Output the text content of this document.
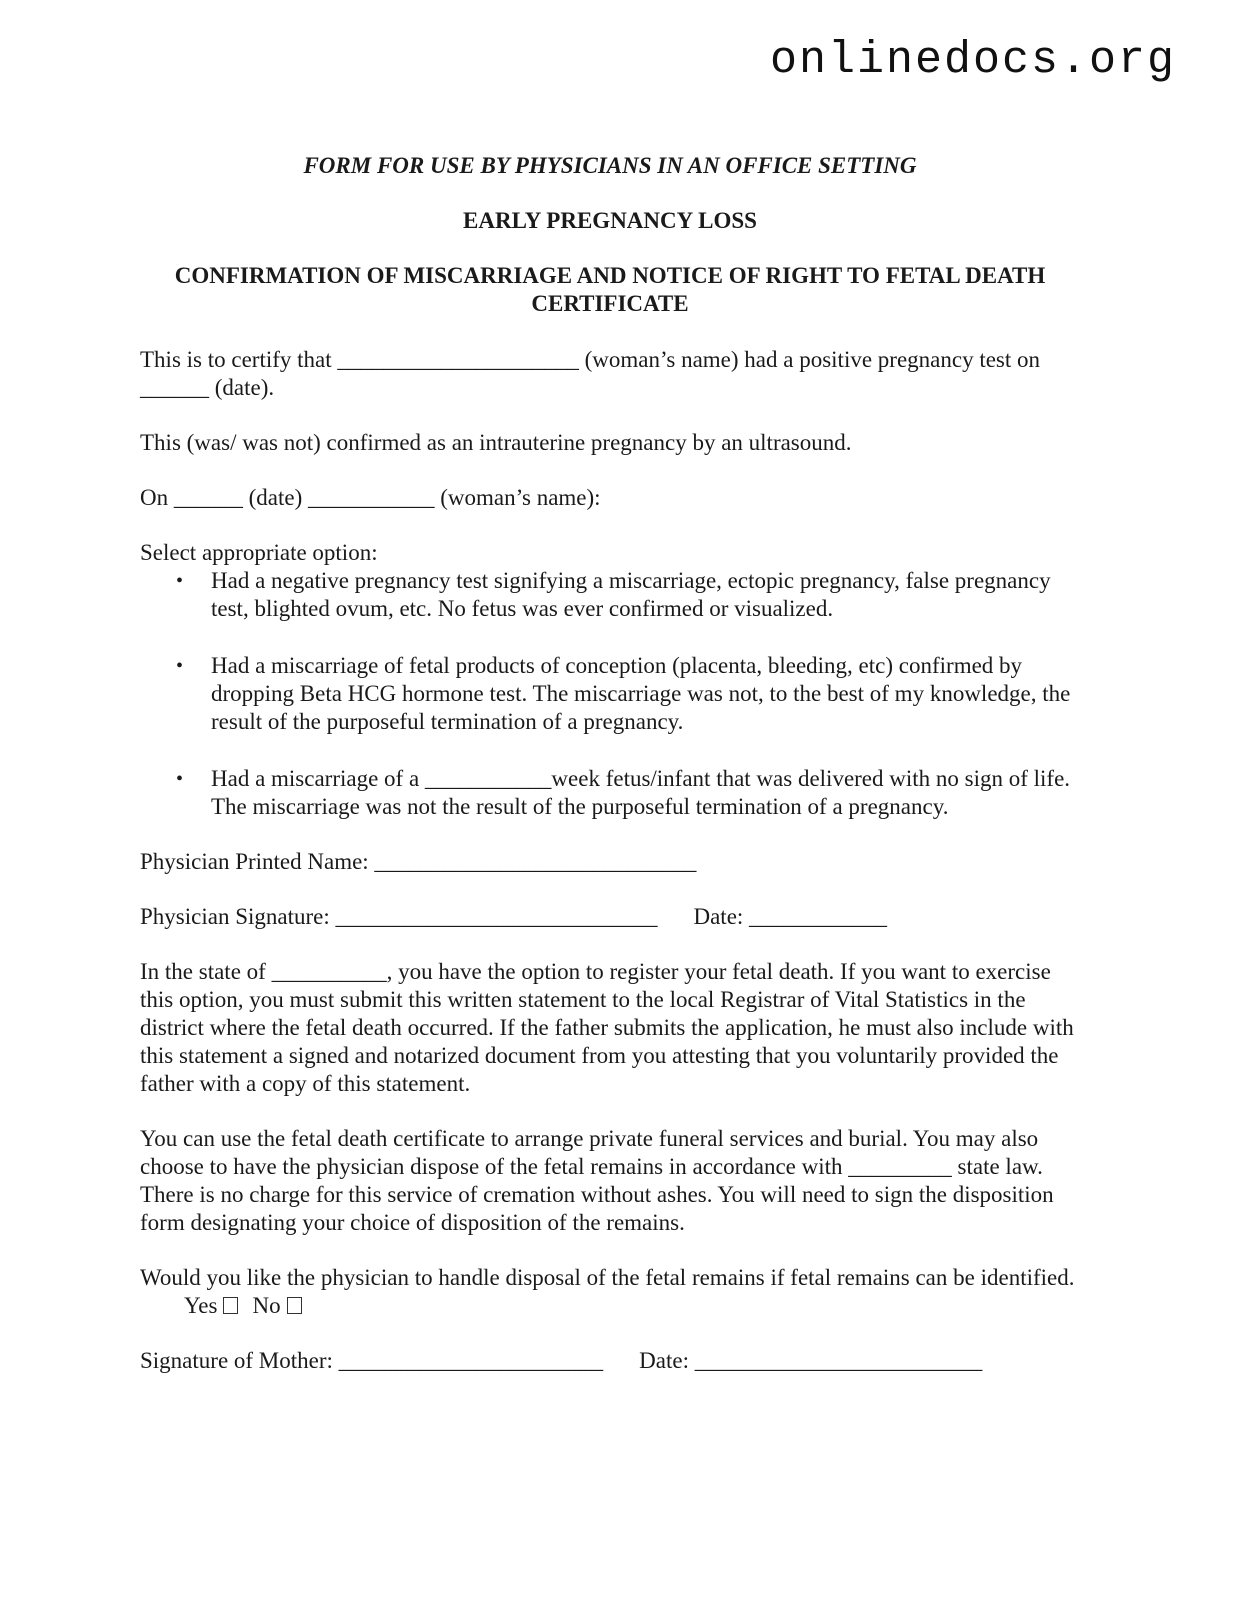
onlinedocs.org
FORM FOR USE BY PHYSICIANS IN AN OFFICE SETTING
EARLY PREGNANCY LOSS
CONFIRMATION OF MISCARRIAGE AND NOTICE OF RIGHT TO FETAL DEATH CERTIFICATE

This is to certify that _____________________ (woman’s name) had a positive pregnancy test on ______ (date).

This (was/ was not) confirmed as an intrauterine pregnancy by an ultrasound.

On ______ (date) ___________ (woman’s name):

Select appropriate option:

• Had a negative pregnancy test signifying a miscarriage, ectopic pregnancy, false pregnancy test, blighted ovum, etc. No fetus was ever confirmed or visualized.
• Had a miscarriage of fetal products of conception (placenta, bleeding, etc) confirmed by dropping Beta HCG hormone test. The miscarriage was not, to the best of my knowledge, the result of the purposeful termination of a pregnancy.
• Had a miscarriage of a ___________week fetus/infant that was delivered with no sign of life. The miscarriage was not the result of the purposeful termination of a pregnancy.

Physician Printed Name: ____________________________

Physician Signature: ____________________________ Date: ____________

In the state of __________, you have the option to register your fetal death. If you want to exercise this option, you must submit this written statement to the local Registrar of Vital Statistics in the district where the fetal death occurred. If the father submits the application, he must also include with this statement a signed and notarized document from you attesting that you voluntarily provided the father with a copy of this statement.

You can use the fetal death certificate to arrange private funeral services and burial. You may also choose to have the physician dispose of the fetal remains in accordance with _________ state law. There is no charge for this service of cremation without ashes. You will need to sign the disposition form designating your choice of disposition of the remains.

Would you like the physician to handle disposal of the fetal remains if fetal remains can be identified.Yes No

Signature of Mother: _______________________ Date: _________________________
